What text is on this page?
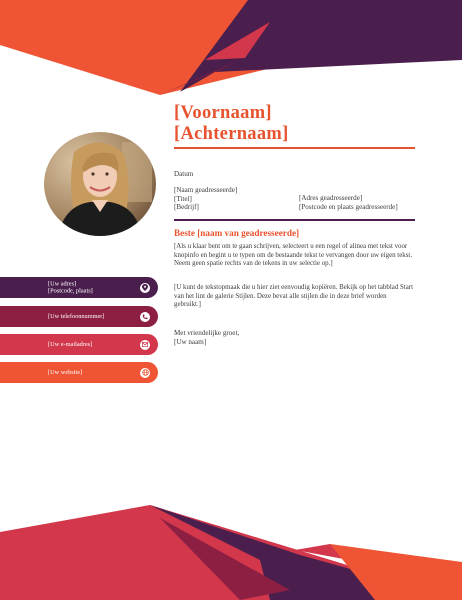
[Voornaam]
[Achternaam]
Datum
[Naam geadresseerde]
[Titel]
[Bedrijf]
[Adres geadresseerde]
[Postcode en plaats geadresseerde]
Beste [naam van geadresseerde]
[Als u klaar bent om te gaan schrijven, selecteert u een regel of alinea met tekst voor knopinfo en begint u te typen om de bestaande tekst te vervangen door uw eigen tekst. Neem geen spatie rechts van de tekens in uw selectie op.]
[U kunt de tekstopmaak die u hier ziet eenvoudig kopiëren. Bekijk op het tabblad Start van het lint de galerie Stijlen. Deze bevat alle stijlen die in deze brief worden gebruikt.]
Met vriendelijke groet,
[Uw naam]
[Uw adres]
[Postcode, plaats]
[Uw telefoonnummer]
[Uw e-mailadres]
[Uw website]
